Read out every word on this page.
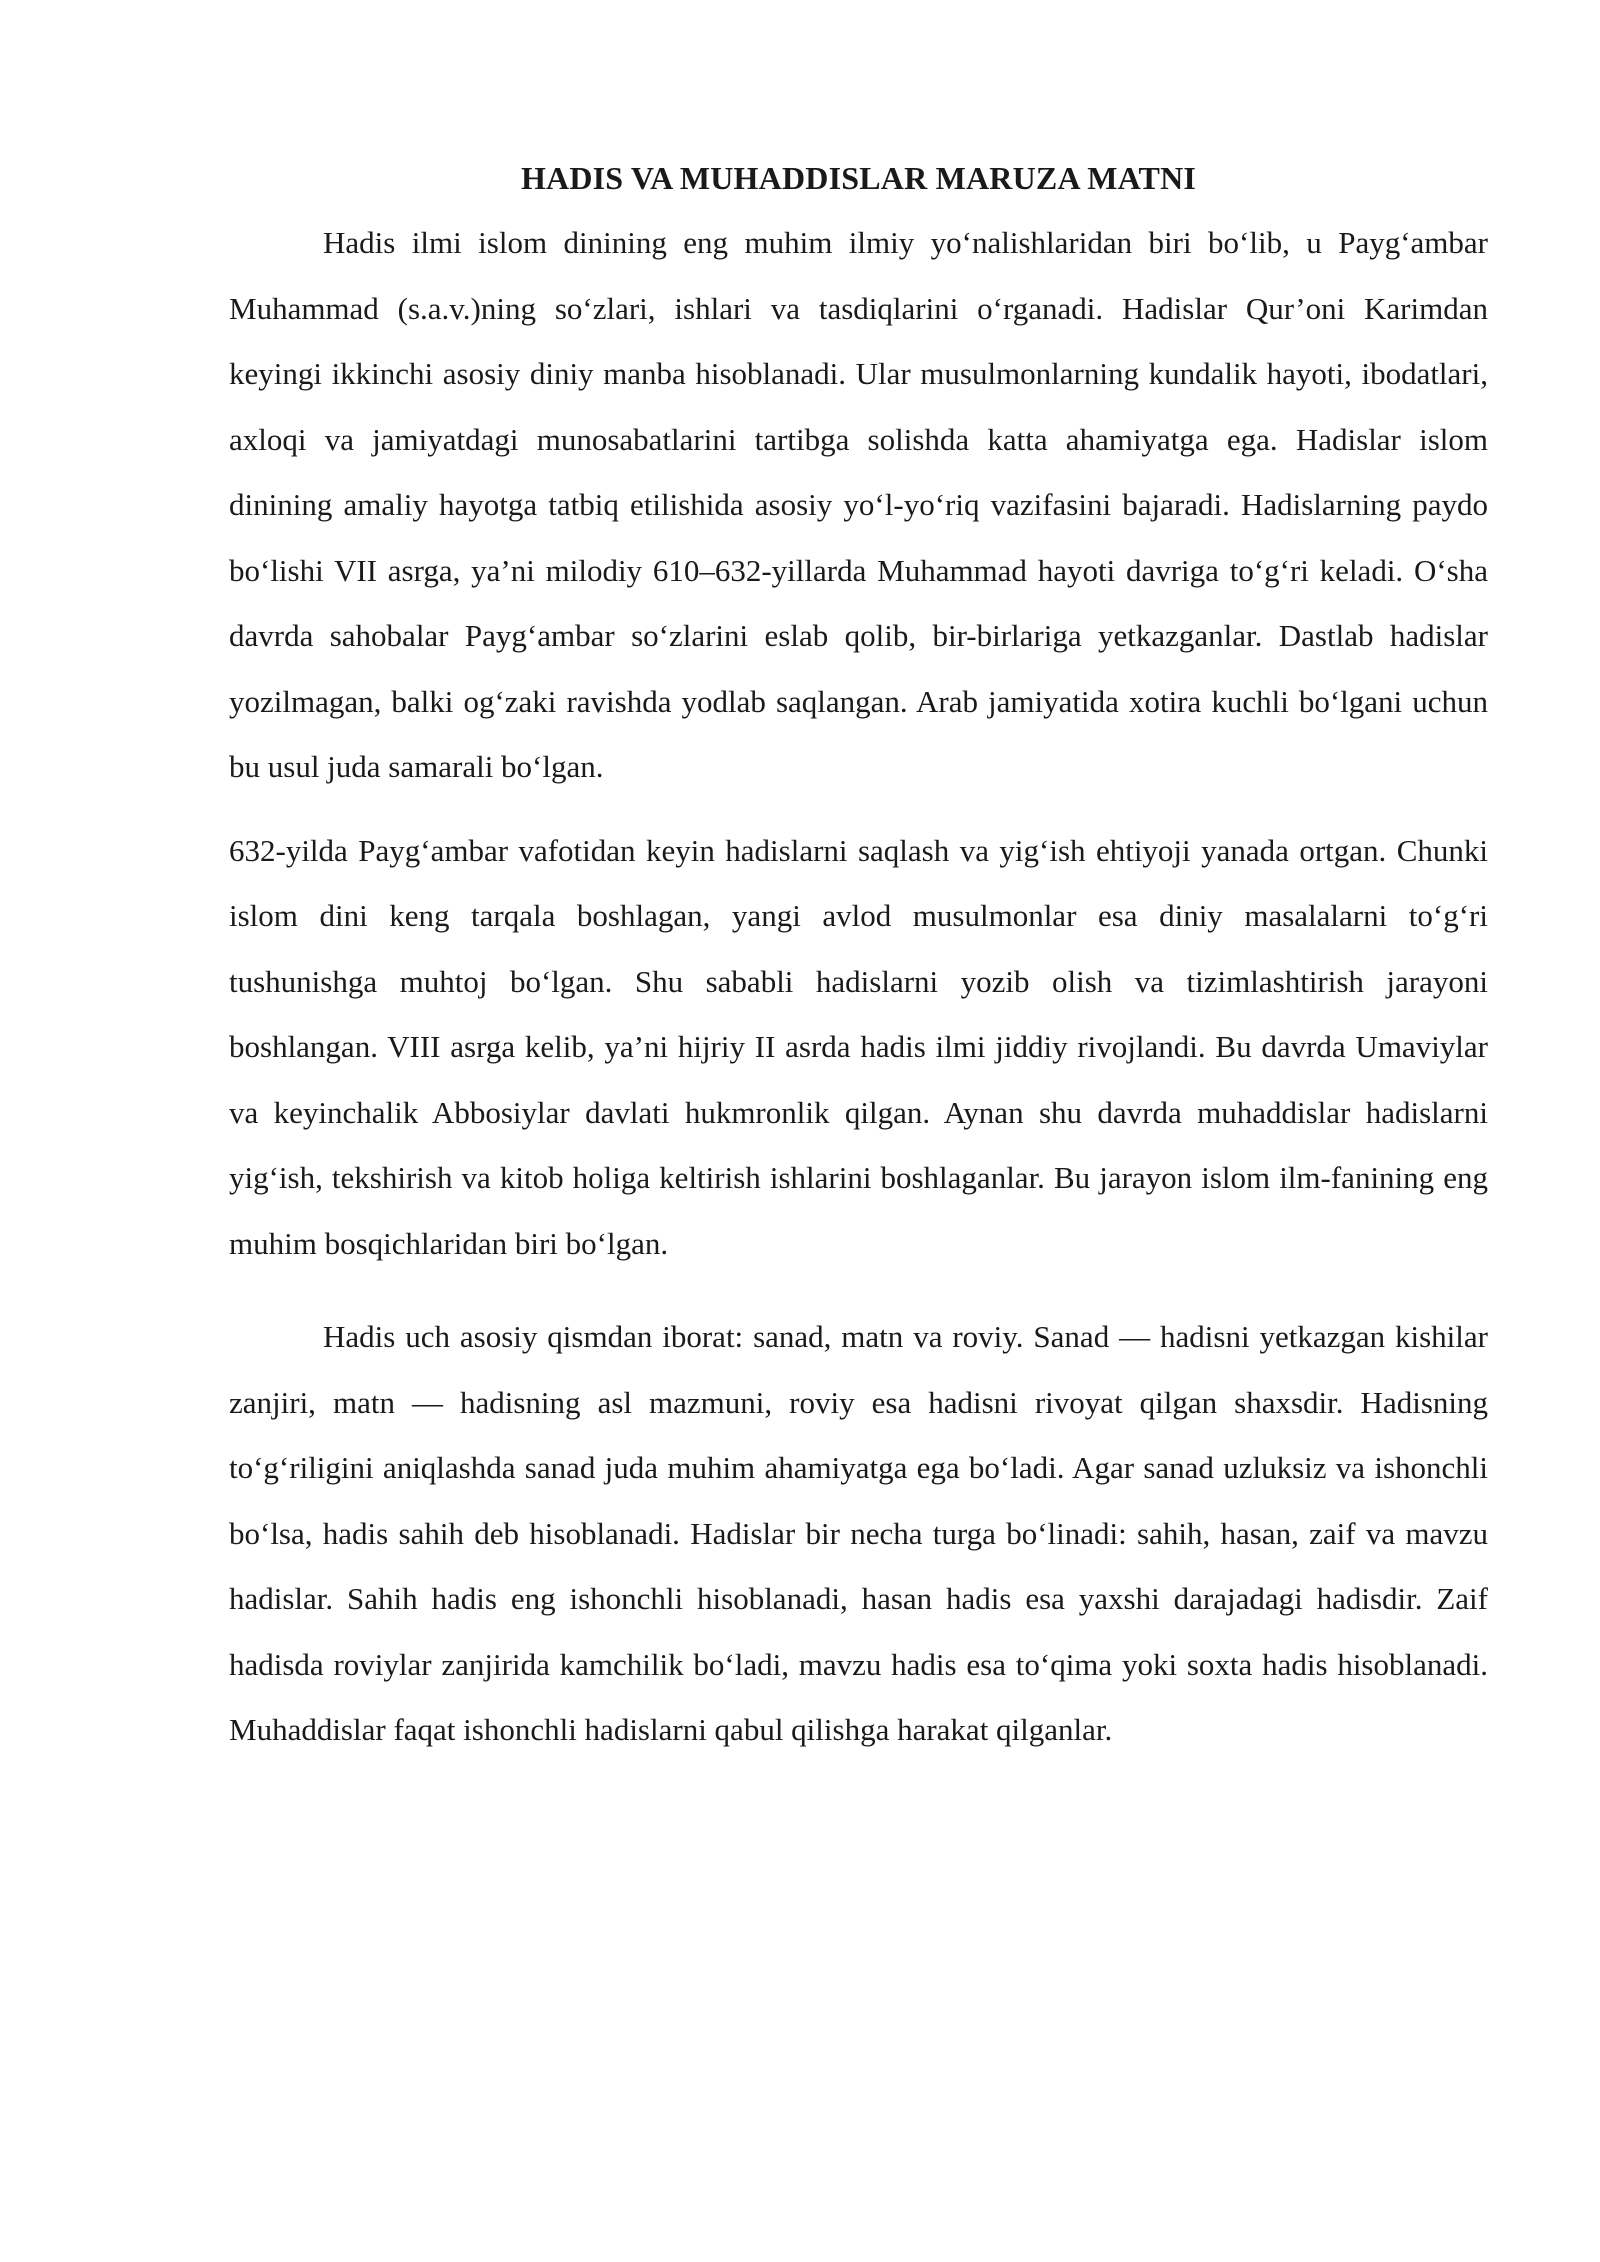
HADIS VA MUHADDISLAR MARUZA MATNI

Hadis ilmi islom dinining eng muhim ilmiy yo‘nalishlaridan biri bo‘lib, u Payg‘ambar Muhammad (s.a.v.)ning so‘zlari, ishlari va tasdiqlarini o‘rganadi. Hadislar Qur’oni Karimdan keyingi ikkinchi asosiy diniy manba hisoblanadi. Ular musulmonlarning kundalik hayoti, ibodatlari, axloqi va jamiyatdagi munosabatlarini tartibga solishda katta ahamiyatga ega. Hadislar islom dinining amaliy hayotga tatbiq etilishida asosiy yo‘l-yo‘riq vazifasini bajaradi. Hadislarning paydo bo‘lishi VII asrga, ya’ni milodiy 610–632-yillarda Muhammad hayoti davriga to‘g‘ri keladi. O‘sha davrda sahobalar Payg‘ambar so‘zlarini eslab qolib, bir-birlariga yetkazganlar. Dastlab hadislar yozilmagan, balki og‘zaki ravishda yodlab saqlangan. Arab jamiyatida xotira kuchli bo‘lgani uchun bu usul juda samarali bo‘lgan.

632-yilda Payg‘ambar vafotidan keyin hadislarni saqlash va yig‘ish ehtiyoji yanada ortgan. Chunki islom dini keng tarqala boshlagan, yangi avlod musulmonlar esa diniy masalalarni to‘g‘ri tushunishga muhtoj bo‘lgan. Shu sababli hadislarni yozib olish va tizimlashtirish jarayoni boshlangan. VIII asrga kelib, ya’ni hijriy II asrda hadis ilmi jiddiy rivojlandi. Bu davrda Umaviylar va keyinchalik Abbosiylar davlati hukmronlik qilgan. Aynan shu davrda muhaddislar hadislarni yig‘ish, tekshirish va kitob holiga keltirish ishlarini boshlaganlar. Bu jarayon islom ilm-fanining eng muhim bosqichlaridan biri bo‘lgan.

Hadis uch asosiy qismdan iborat: sanad, matn va roviy. Sanad — hadisni yetkazgan kishilar zanjiri, matn — hadisning asl mazmuni, roviy esa hadisni rivoyat qilgan shaxsdir. Hadisning to‘g‘riligini aniqlashda sanad juda muhim ahamiyatga ega bo‘ladi. Agar sanad uzluksiz va ishonchli bo‘lsa, hadis sahih deb hisoblanadi. Hadislar bir necha turga bo‘linadi: sahih, hasan, zaif va mavzu hadislar. Sahih hadis eng ishonchli hisoblanadi, hasan hadis esa yaxshi darajadagi hadisdir. Zaif hadisda roviylar zanjirida kamchilik bo‘ladi, mavzu hadis esa to‘qima yoki soxta hadis hisoblanadi. Muhaddislar faqat ishonchli hadislarni qabul qilishga harakat qilganlar.
